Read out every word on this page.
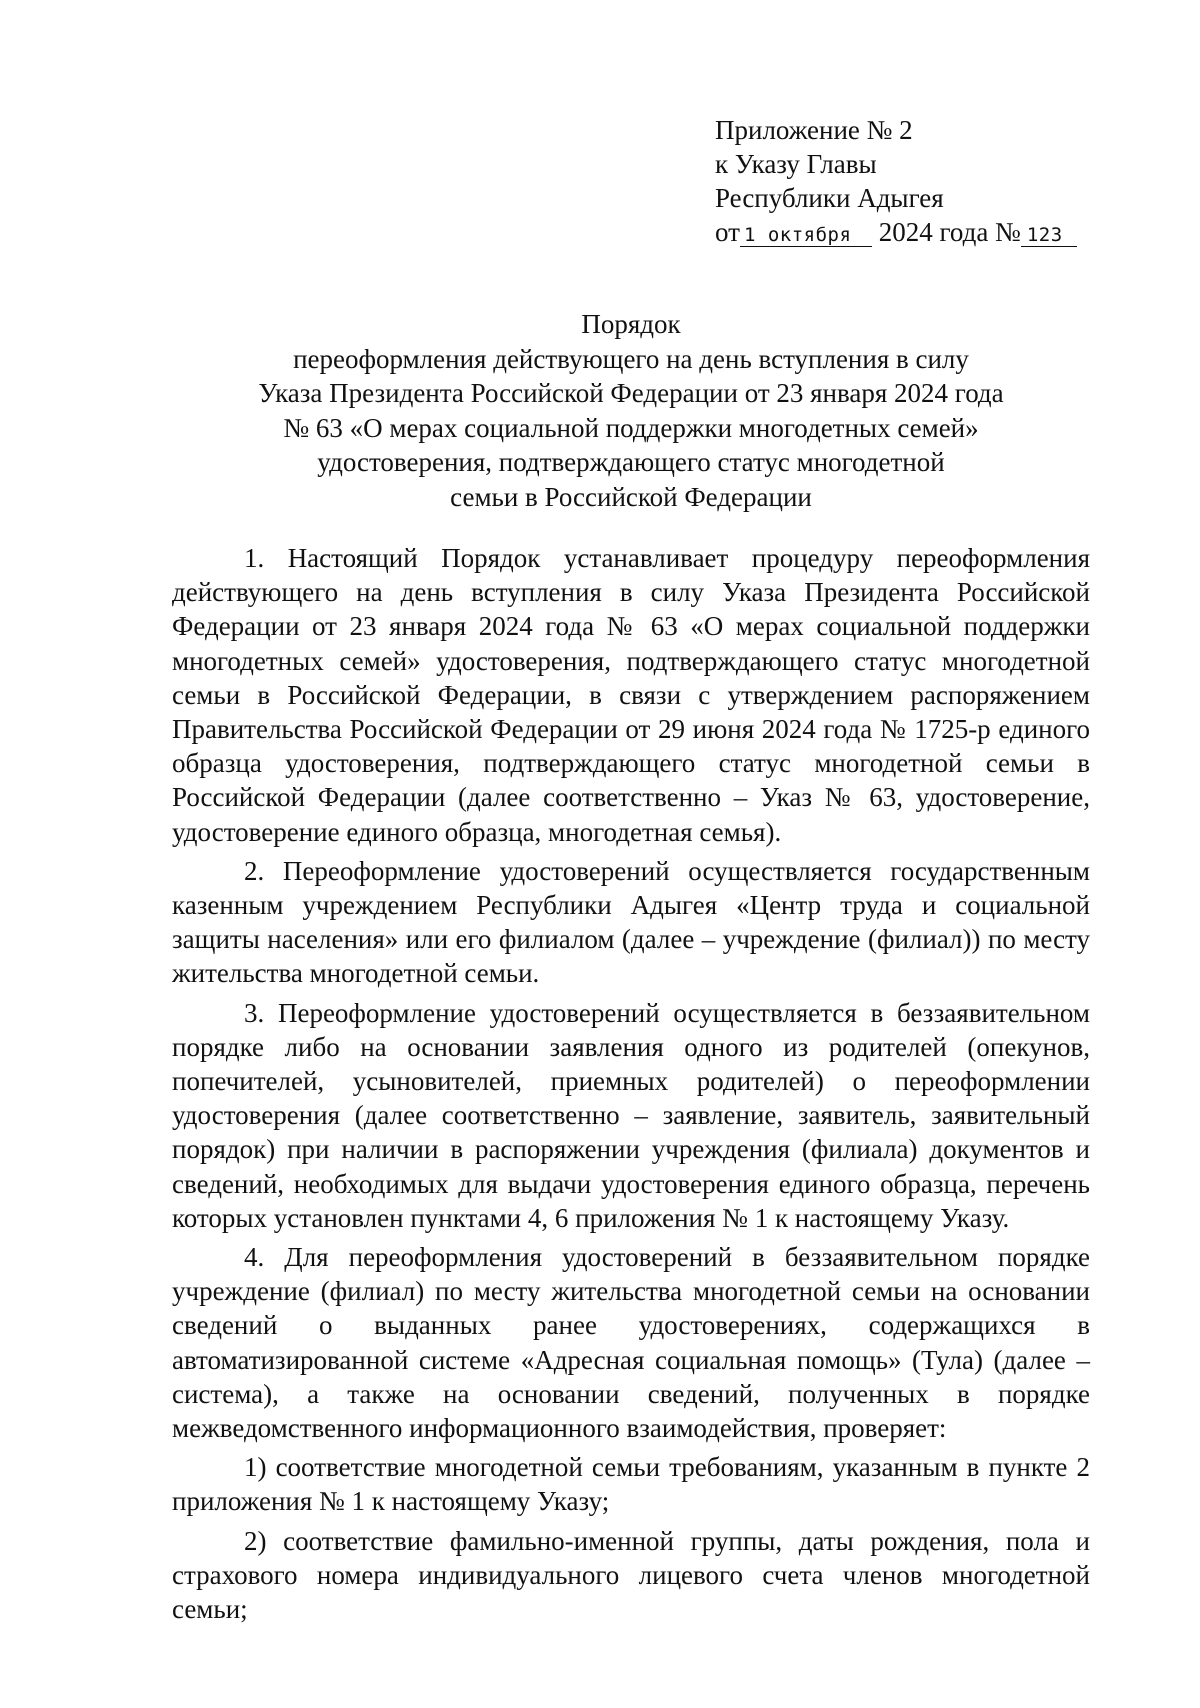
Приложение № 2
к Указу Главы
Республики Адыгея
от 1 октября 2024 года № 123
Порядок
переоформления действующего на день вступления в силу
Указа Президента Российской Федерации от 23 января 2024 года
№ 63 «О мерах социальной поддержки многодетных семей»
удостоверения, подтверждающего статус многодетной
семьи в Российской Федерации

1. Настоящий Порядок устанавливает процедуру переоформления действующего на день вступления в силу Указа Президента Российской Федерации от 23 января 2024 года № 63 «О мерах социальной поддержки многодетных семей» удостоверения, подтверждающего статус многодетной семьи в Российской Федерации, в связи с утверждением распоряжением Правительства Российской Федерации от 29 июня 2024 года № 1725-р единого образца удостоверения, подтверждающего статус многодетной семьи в Российской Федерации (далее соответственно – Указ № 63, удостоверение, удостоверение единого образца, многодетная семья).

2. Переоформление удостоверений осуществляется государственным казенным учреждением Республики Адыгея «Центр труда и социальной защиты населения» или его филиалом (далее – учреждение (филиал)) по месту жительства многодетной семьи.

3. Переоформление удостоверений осуществляется в беззаявительном порядке либо на основании заявления одного из родителей (опекунов, попечителей, усыновителей, приемных родителей) о переоформлении удостоверения (далее соответственно – заявление, заявитель, заявительный порядок) при наличии в распоряжении учреждения (филиала) документов и сведений, необходимых для выдачи удостоверения единого образца, перечень которых установлен пунктами 4, 6 приложения № 1 к настоящему Указу.

4. Для переоформления удостоверений в беззаявительном порядке учреждение (филиал) по месту жительства многодетной семьи на основании сведений о выданных ранее удостоверениях, содержащихся в автоматизированной системе «Адресная социальная помощь» (Тула) (далее – система), а также на основании сведений, полученных в порядке межведомственного информационного взаимодействия, проверяет:

1) соответствие многодетной семьи требованиям, указанным в пункте 2 приложения № 1 к настоящему Указу;

2) соответствие фамильно-именной группы, даты рождения, пола и страхового номера индивидуального лицевого счета членов многодетной семьи;
